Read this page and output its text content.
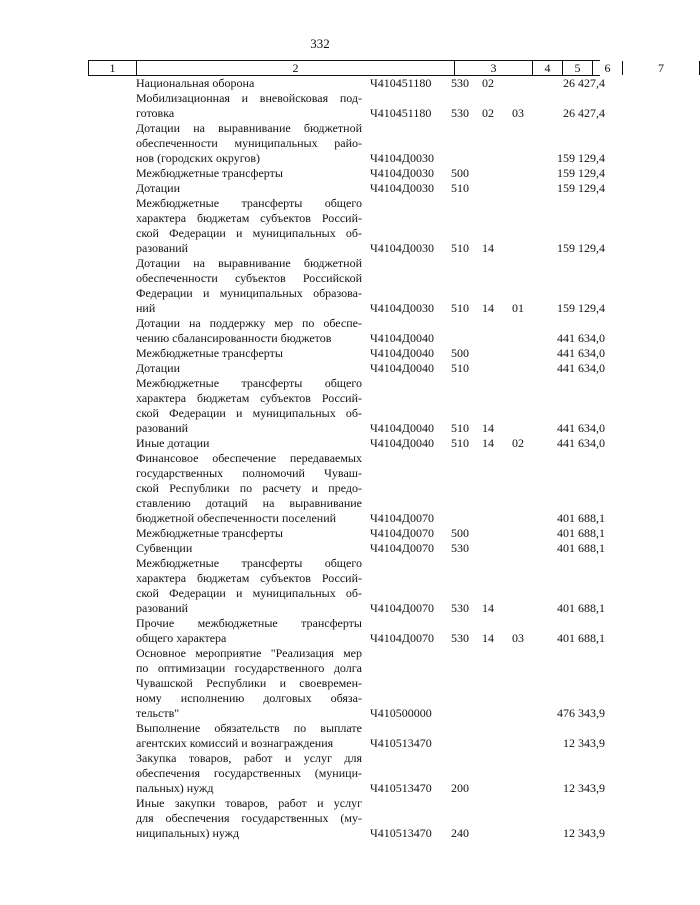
332
1	2	3	4	5	6	7
Национальная оборона	Ч410451180 530 02	26 427,4
Мобилизационная и вневойсковая под-
готовка	Ч410451180 530 02 03	26 427,4
Дотации на выравнивание бюджетной
обеспеченности муниципальных райо-
нов (городских округов)	Ч4104Д0030	159 129,4
Межбюджетные трансферты	Ч4104Д0030 500	159 129,4
Дотации	Ч4104Д0030 510	159 129,4
Межбюджетные трансферты общего
характера бюджетам субъектов Россий-
ской Федерации и муниципальных об-
разований	Ч4104Д0030 510 14	159 129,4
Дотации на выравнивание бюджетной
обеспеченности субъектов Российской
Федерации и муниципальных образова-
ний	Ч4104Д0030 510 14 01	159 129,4
Дотации на поддержку мер по обеспе-
чению сбалансированности бюджетов	Ч4104Д0040	441 634,0
Межбюджетные трансферты	Ч4104Д0040 500	441 634,0
Дотации	Ч4104Д0040 510	441 634,0
Межбюджетные трансферты общего
характера бюджетам субъектов Россий-
ской Федерации и муниципальных об-
разований	Ч4104Д0040 510 14	441 634,0
Иные дотации	Ч4104Д0040 510 14 02	441 634,0
Финансовое обеспечение передаваемых
государственных полномочий Чуваш-
ской Республики по расчету и предо-
ставлению дотаций на выравнивание
бюджетной обеспеченности поселений	Ч4104Д0070	401 688,1
Межбюджетные трансферты	Ч4104Д0070 500	401 688,1
Субвенции	Ч4104Д0070 530	401 688,1
Межбюджетные трансферты общего
характера бюджетам субъектов Россий-
ской Федерации и муниципальных об-
разований	Ч4104Д0070 530 14	401 688,1
Прочие межбюджетные трансферты
общего характера	Ч4104Д0070 530 14 03	401 688,1
Основное мероприятие "Реализация мер
по оптимизации государственного долга
Чувашской Республики и своевремен-
ному исполнению долговых обяза-
тельств"	Ч410500000	476 343,9
Выполнение обязательств по выплате
агентских комиссий и вознаграждения	Ч410513470	12 343,9
Закупка товаров, работ и услуг для
обеспечения государственных (муници-
пальных) нужд	Ч410513470 200	12 343,9
Иные закупки товаров, работ и услуг
для обеспечения государственных (му-
ниципальных) нужд	Ч410513470 240	12 343,9
